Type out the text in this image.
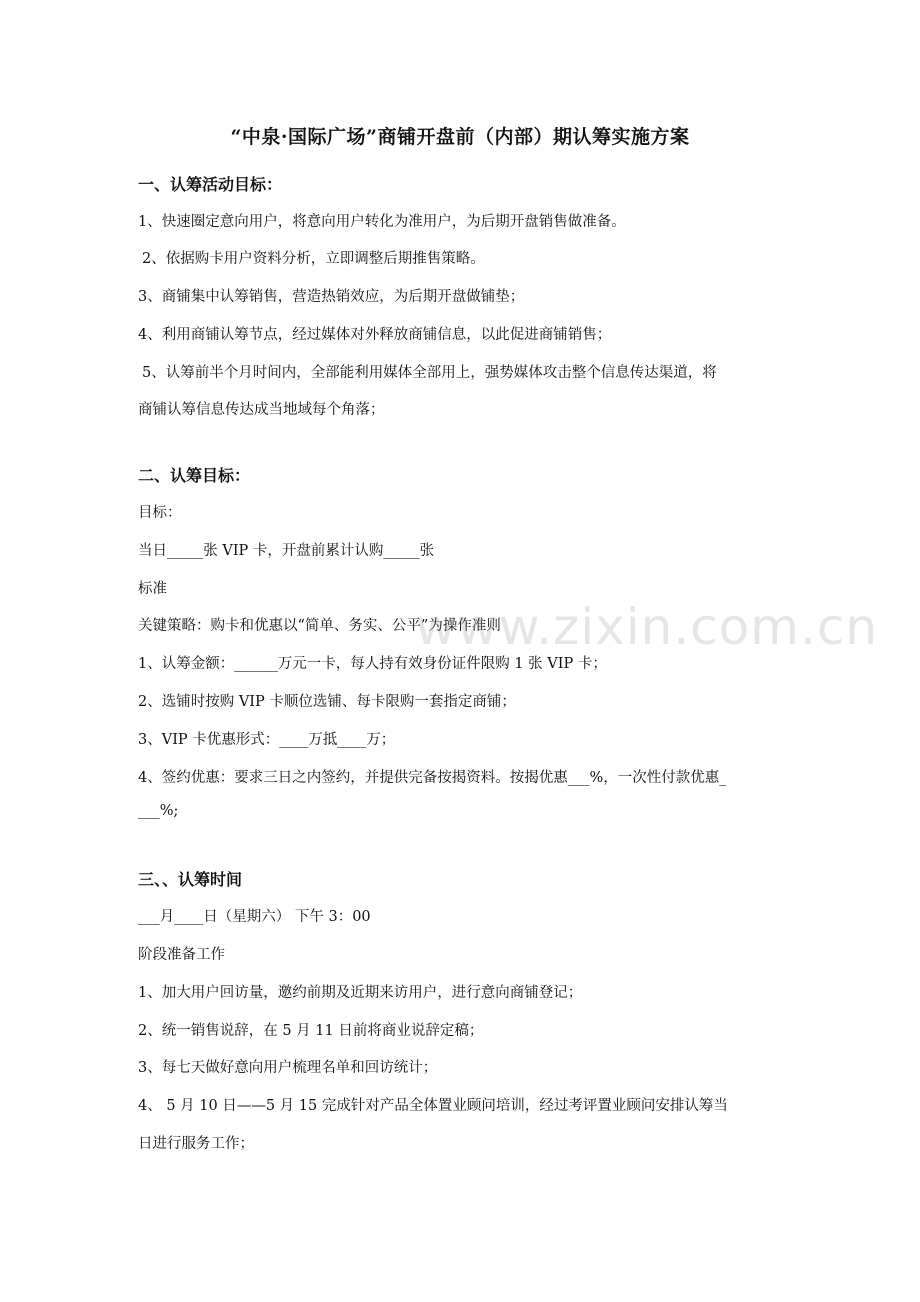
“中泉·国际广场”商铺开盘前（内部）期认筹实施方案
一、认筹活动目标：
1、快速圈定意向用户，将意向用户转化为准用户，为后期开盘销售做准备。
2、依据购卡用户资料分析，立即调整后期推售策略。
3、商铺集中认筹销售，营造热销效应，为后期开盘做铺垫；
4、利用商铺认筹节点，经过媒体对外释放商铺信息，以此促进商铺销售；
5、认筹前半个月时间内，全部能利用媒体全部用上，强势媒体攻击整个信息传达渠道，将
商铺认筹信息传达成当地域每个角落；
二、认筹目标：
目标：
当日_____张 VIP 卡，开盘前累计认购_____张
标准
关键策略：购卡和优惠以“简单、务实、公平”为操作准则
1、认筹金额：______万元一卡，每人持有效身份证件限购 1 张 VIP 卡；
2、选铺时按购 VIP 卡顺位选铺、每卡限购一套指定商铺；
3、VIP 卡优惠形式：____万抵____万；
4、签约优惠：要求三日之内签约，并提供完备按揭资料。按揭优惠___%，一次性付款优惠_
___%;
三、、认筹时间
___月____日（星期六） 下午 3：00
阶段准备工作
1、加大用户回访量，邀约前期及近期来访用户，进行意向商铺登记；
2、统一销售说辞，在 5 月 11 日前将商业说辞定稿；
3、每七天做好意向用户梳理名单和回访统计；
4、 5 月 10 日——5 月 15 完成针对产品全体置业顾问培训，经过考评置业顾问安排认筹当
日进行服务工作；
www.zixin.com.cn
